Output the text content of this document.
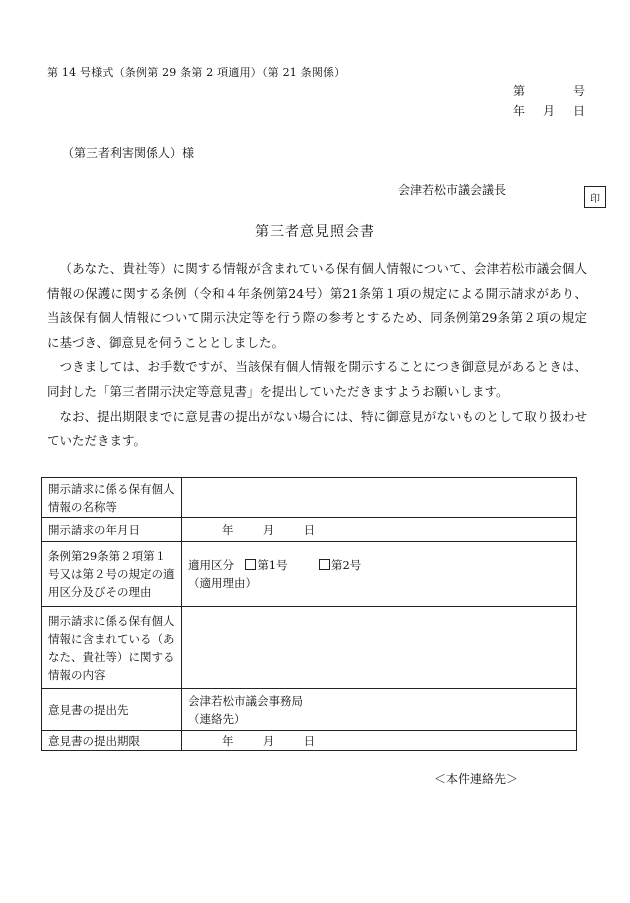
第 14 号様式（条例第 29 条第 2 項適用）（第 21 条関係）
第	号
年 月 日
（第三者利害関係人）様
会津若松市議会議長
印
第三者意見照会書

（あなた、貴社等）に関する情報が含まれている保有個人情報について、会津若松市議会個人情報の保護に関する条例（令和４年条例第24号）第21条第１項の規定による開示請求があり、当該保有個人情報について開示決定等を行う際の参考とするため、同条例第29条第２項の規定に基づき、御意見を伺うこととしました。

つきましては、お手数ですが、当該保有個人情報を開示することにつき御意見があるときは、同封した「第三者開示決定等意見書」を提出していただきますようお願いします。

なお、提出期限までに意見書の提出がない場合には、特に御意見がないものとして取り扱わせていただきます。

開示請求に係る保有個人情報の名称等	
開示請求の年月日	年 月 日
条例第29条第２項第１号又は第２号の規定の適用区分及びその理由	適用区分 第1号 第2号
（適用理由）

開示請求に係る保有個人情報に含まれている（あなた、貴社等）に関する情報の内容	
意見書の提出先	会津若松市議会事務局
（連絡先）

意見書の提出期限	年 月 日
＜本件連絡先＞
